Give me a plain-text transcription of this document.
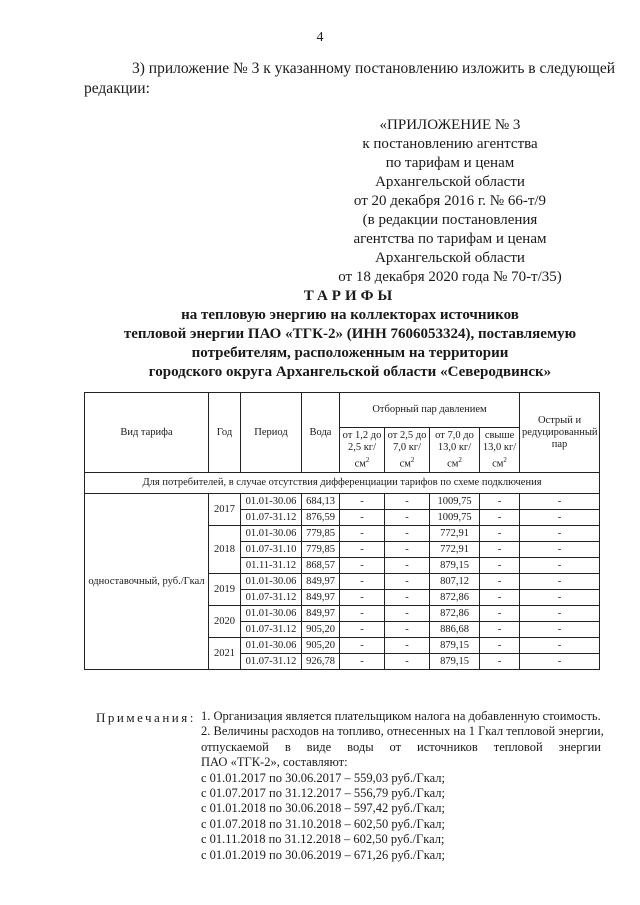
4
3) приложение № 3 к указанному постановлению изложить в следующей
редакции:
«ПРИЛОЖЕНИЕ № 3
к постановлению агентства
по тарифам и ценам
Архангельской области
от 20 декабря 2016 г. № 66-т/9
(в редакции постановления
агентства по тарифам и ценам
Архангельской области
от 18 декабря 2020 года № 70-т/35)
ТАРИФЫ
на тепловую энергию на коллекторах источников
тепловой энергии ПАО «ТГК-2» (ИНН 7606053324), поставляемую
потребителям, расположенным на территории
городского округа Архангельской области «Северодвинск»
Вид тарифа	Год	Период	Вода	Отборный пар давлением				Острый и редуцированный пар
				от 1,2 до 2,5 $кг/см^2$	от 2,5 до 7,0 $кг/см^2$	от 7,0 до 13,0 $кг/см^2$	свыше 13,0 $кг/см^2$
Для потребителей, в случае отсутствия дифференциации тарифов по схеме подключения								
одноставочный, руб./Гкал	2017	01.01-30.06	684,13	-	-	1009,75	-	-
		01.07-31.12	876,59	-	-	1009,75	-	-
	2018	01.01-30.06	779,85	-	-	772,91	-	-
		01.07-31.10	779,85	-	-	772,91	-	-
		01.11-31.12	868,57	-	-	879,15	-	-
	2019	01.01-30.06	849,97	-	-	807,12	-	-
		01.07-31.12	849,97	-	-	872,86	-	-
	2020	01.01-30.06	849,97	-	-	872,86	-	-
		01.07-31.12	905,20	-	-	886,68	-	-
	2021	01.01-30.06	905,20	-	-	879,15	-	-
		01.07-31.12	926,78	-	-	879,15	-	-
Примечания: 1. Организация является плательщиком налога на добавленную стоимость.
2. Величины расходов на топливо, отнесенных на 1 Гкал тепловой энергии,
отпускаемой в виде воды от источников тепловой энергии
ПАО «ТГК-2», составляют:
с 01.01.2017 по 30.06.2017 – 559,03 руб./Гкал;
с 01.07.2017 по 31.12.2017 – 556,79 руб./Гкал;
с 01.01.2018 по 30.06.2018 – 597,42 руб./Гкал;
с 01.07.2018 по 31.10.2018 – 602,50 руб./Гкал;
с 01.11.2018 по 31.12.2018 – 602,50 руб./Гкал;
с 01.01.2019 по 30.06.2019 – 671,26 руб./Гкал;
